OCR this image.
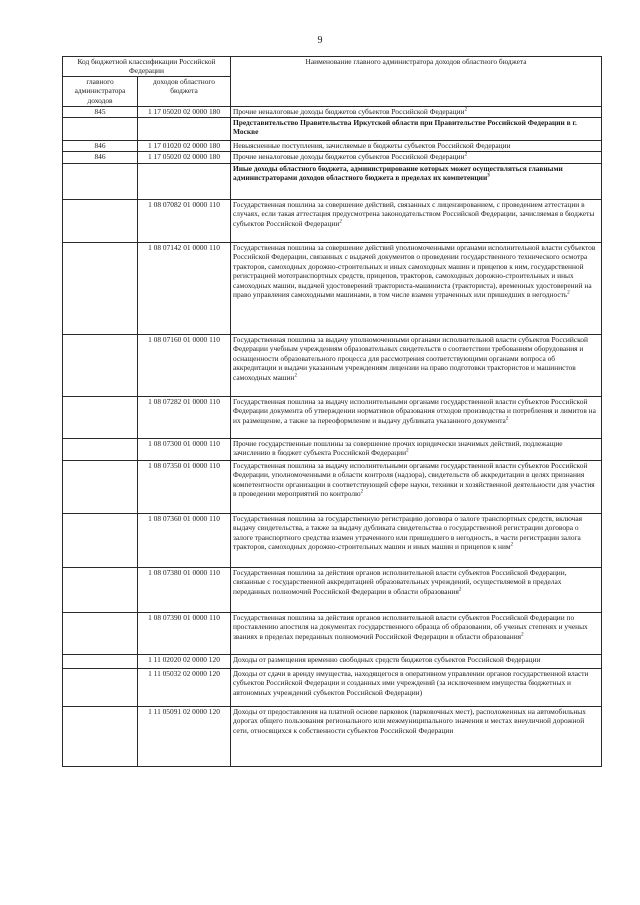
9
Код бюджетной классификации Российской Федерации		Наименование главного администратора доходов областного бюджета
главного администратора доходов	доходов областного бюджета	
845	1 17 05020 02 0000 180	Прочие неналоговые доходы бюджетов субъектов Российской Федерации$^2$
		Представительство Правительства Иркутской области при Правительстве Российской Федерации в г. Москве
846	1 17 01020 02 0000 180	Невыясненные поступления, зачисляемые в бюджеты субъектов Российской Федерации
846	1 17 05020 02 0000 180	Прочие неналоговые доходы бюджетов субъектов Российской Федерации$^2$
		Иные доходы областного бюджета, администрирование которых может осуществляться главными администраторами доходов областного бюджета в пределах их компетенции$^3$
	1 08 07082 01 0000 110	Государственная пошлина за совершение действий, связанных с лицензированием, с проведением аттестации в случаях, если такая аттестация предусмотрена законодательством Российской Федерации, зачисляемая в бюджеты субъектов Российской Федерации$^2$
	1 08 07142 01 0000 110	Государственная пошлина за совершение действий уполномоченными органами исполнительной власти субъектов Российской Федерации, связанных с выдачей документов о проведении государственного технического осмотра тракторов, самоходных дорожно-строительных и иных самоходных машин и прицепов к ним, государственной регистрацией мототранспортных средств, прицепов, тракторов, самоходных дорожно-строительных и иных самоходных машин, выдачей удостоверений тракториста-машиниста (тракториста), временных удостоверений на право управления самоходными машинами, в том числе взамен утраченных или пришедших в негодность$^2$
	1 08 07160 01 0000 110	Государственная пошлина за выдачу уполномоченными органами исполнительной власти субъектов Российской Федерации учебным учреждениям образовательных свидетельств о соответствии требованиям оборудования и оснащенности образовательного процесса для рассмотрения соответствующими органами вопроса об аккредитации и выдачи указанным учреждениям лицензии на право подготовки трактористов и машинистов самоходных машин$^2$
	1 08 07282 01 0000 110	Государственная пошлина за выдачу исполнительными органами государственной власти субъектов Российской Федерации документа об утверждении нормативов образования отходов производства и потребления и лимитов на их размещение, а также за переоформление и выдачу дубликата указанного документа$^2$
	1 08 07300 01 0000 110	Прочие государственные пошлины за совершение прочих юридически значимых действий, подлежащие зачислению в бюджет субъекта Российской Федерации$^2$
	1 08 07350 01 0000 110	Государственная пошлина за выдачу исполнительными органами государственной власти субъектов Российской Федерации, уполномоченными в области контроля (надзора), свидетельств об аккредитации в целях признания компетентности организации в соответствующей сфере науки, техники и хозяйственной деятельности для участия в проведении мероприятий по контролю$^2$
	1 08 07360 01 0000 110	Государственная пошлина за государственную регистрацию договора о залоге транспортных средств, включая выдачу свидетельства, а также за выдачу дубликата свидетельства о государственной регистрации договора о залоге транспортного средства взамен утраченного или пришедшего в негодность, в части регистрации залога тракторов, самоходных дорожно-строительных машин и иных машин и прицепов к ним$^2$
	1 08 07380 01 0000 110	Государственная пошлина за действия органов исполнительной власти субъектов Российской Федерации, связанные с государственной аккредитацией образовательных учреждений, осуществляемой в пределах переданных полномочий Российской Федерации в области образования$^2$
	1 08 07390 01 0000 110	Государственная пошлина за действия органов исполнительной власти субъектов Российской Федерации по проставлению апостиля на документах государственного образца об образовании, об ученых степенях и ученых званиях в пределах переданных полномочий Российской Федерации в области образования$^2$
	1 11 02020 02 0000 120	Доходы от размещения временно свободных средств бюджетов субъектов Российской Федерации
	1 11 05032 02 0000 120	Доходы от сдачи в аренду имущества, находящегося в оперативном управлении органов государственной власти субъектов Российской Федерации и созданных ими учреждений (за исключением имущества бюджетных и автономных учреждений субъектов Российской Федерации)
	1 11 05091 02 0000 120	Доходы от предоставления на платной основе парковок (парковочных мест), расположенных на автомобильных дорогах общего пользования регионального или межмуниципального значения и местах внеуличной дорожной сети, относящихся к собственности субъектов Российской Федерации
